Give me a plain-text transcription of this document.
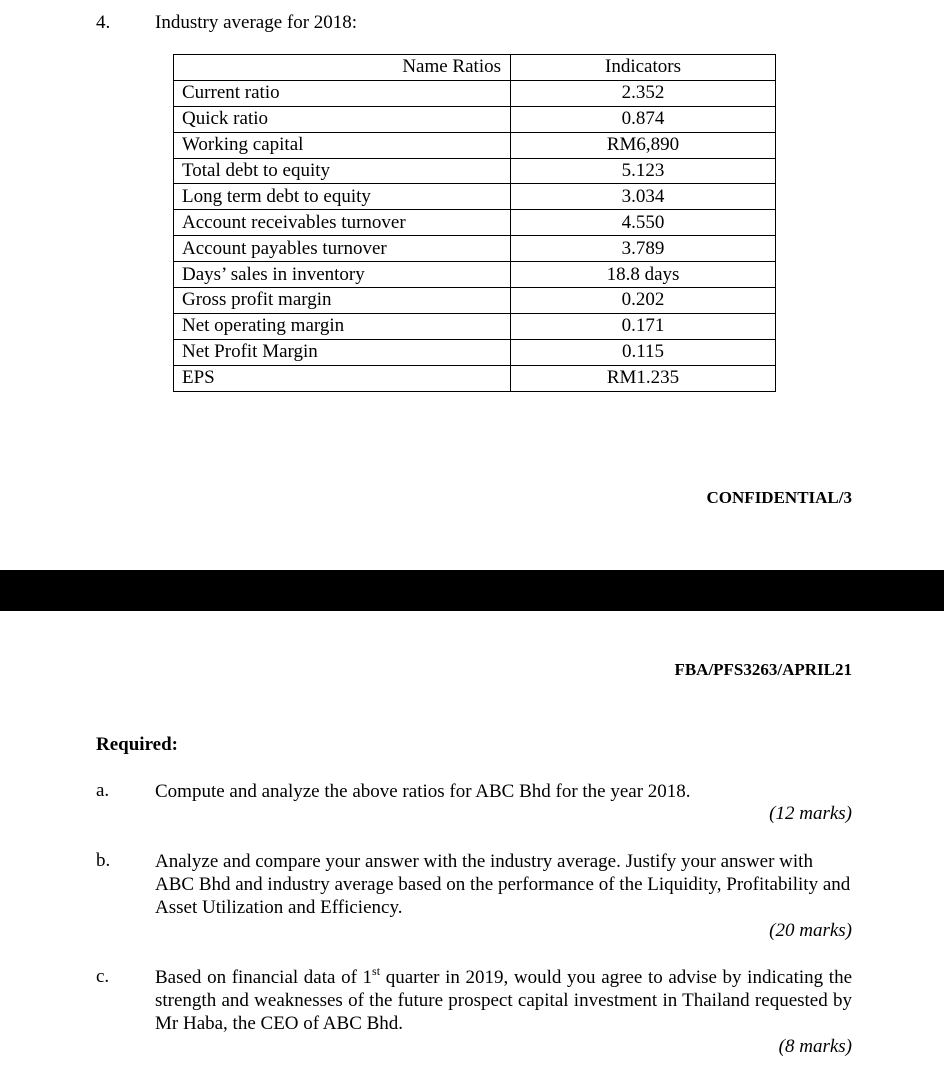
4. Industry average for 2018:
Name Ratios	Indicators
Current ratio	2.352
Quick ratio	0.874
Working capital	RM6,890
Total debt to equity	5.123
Long term debt to equity	3.034
Account receivables turnover	4.550
Account payables turnover	3.789
Days’ sales in inventory	18.8 days
Gross profit margin	0.202
Net operating margin	0.171
Net Profit Margin	0.115
EPS	RM1.235
CONFIDENTIAL/3
FBA/PFS3263/APRIL21
Required:
a. Compute and analyze the above ratios for ABC Bhd for the year 2018.
(12 marks)
b. Analyze and compare your answer with the industry average. Justify your answer with ABC Bhd and industry average based on the performance of the Liquidity, Profitability and Asset Utilization and Efficiency.
(20 marks)
c. Based on financial data of 1st quarter in 2019, would you agree to advise by indicating the strength and weaknesses of the future prospect capital investment in Thailand requested by Mr Haba, the CEO of ABC Bhd.
(8 marks)
